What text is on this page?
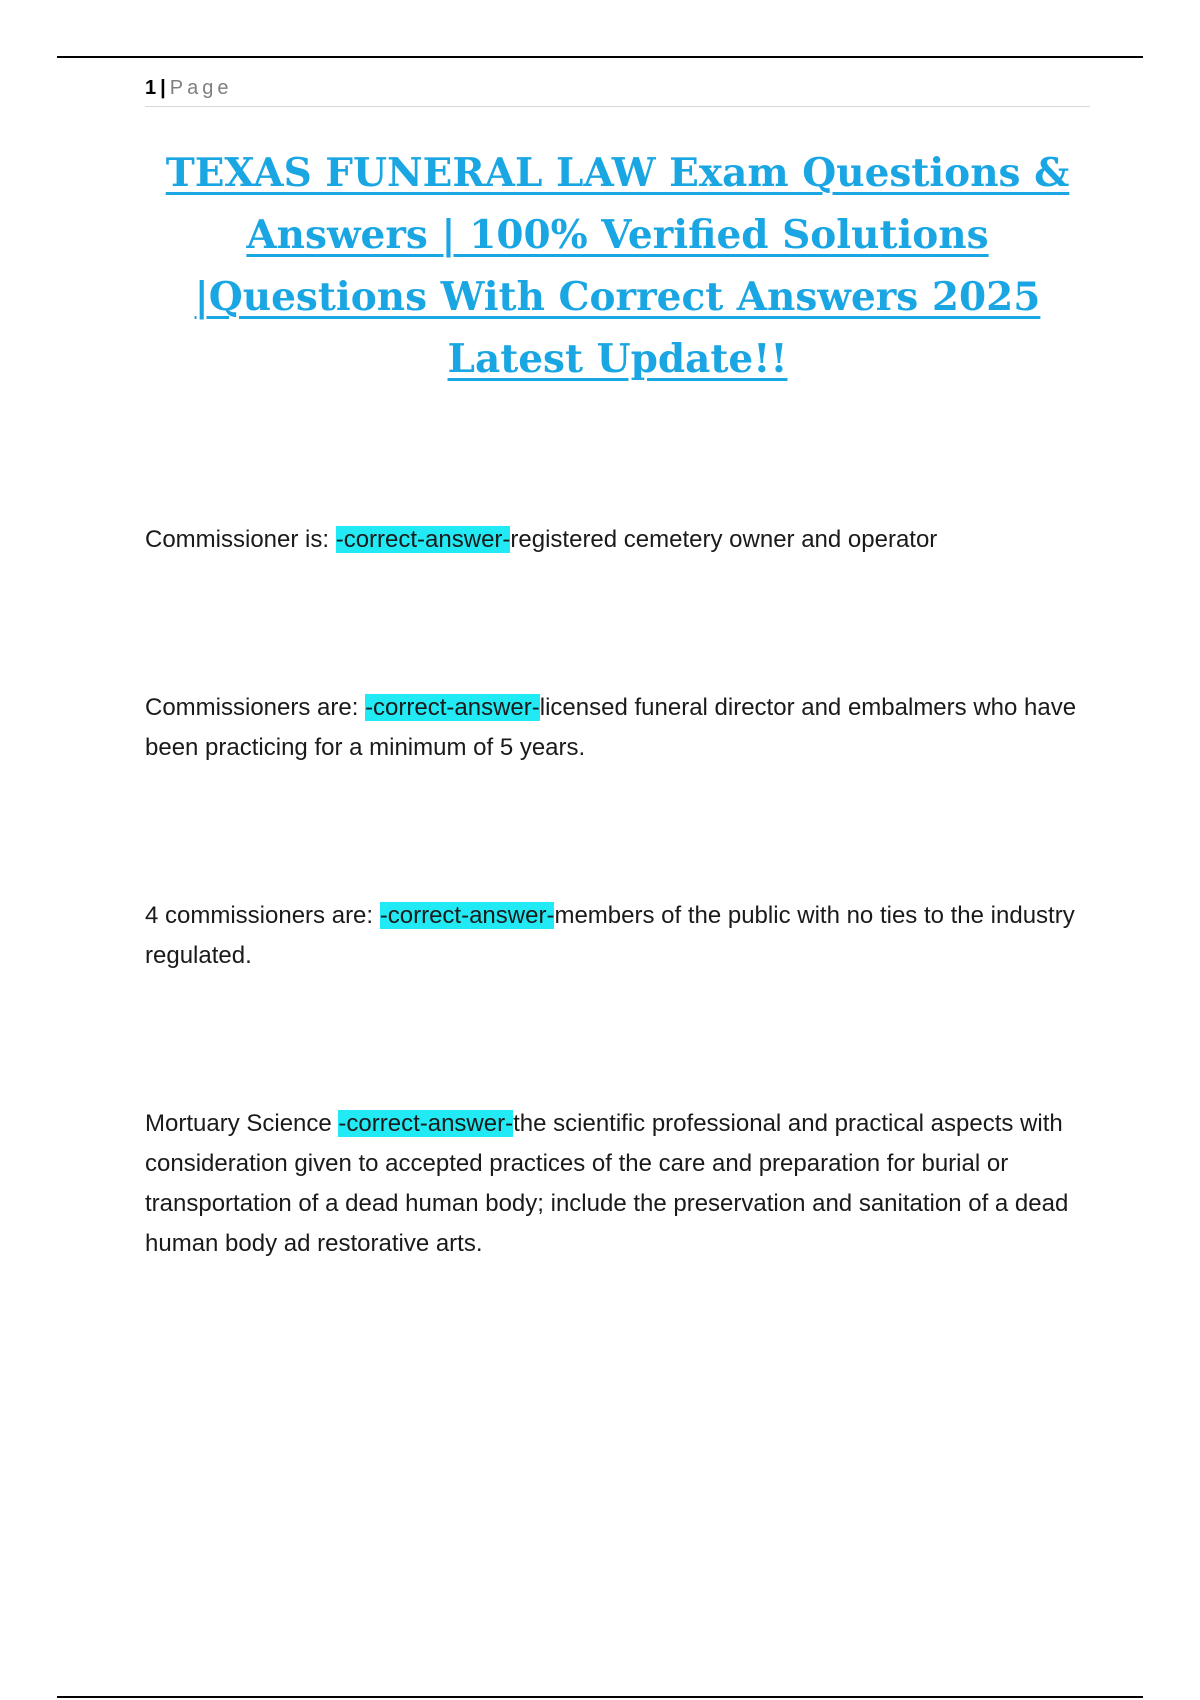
1 | Page
TEXAS FUNERAL LAW Exam Questions & Answers | 100% Verified Solutions |Questions With Correct Answers 2025 Latest Update!!

Commissioner is: -correct-answer-registered cemetery owner and operator

Commissioners are: -correct-answer-licensed funeral director and embalmers who have been practicing for a minimum of 5 years.

4 commissioners are: -correct-answer-members of the public with no ties to the industry regulated.

Mortuary Science -correct-answer-the scientific professional and practical aspects with consideration given to accepted practices of the care and preparation for burial or transportation of a dead human body; include the preservation and sanitation of a dead human body ad restorative arts.
